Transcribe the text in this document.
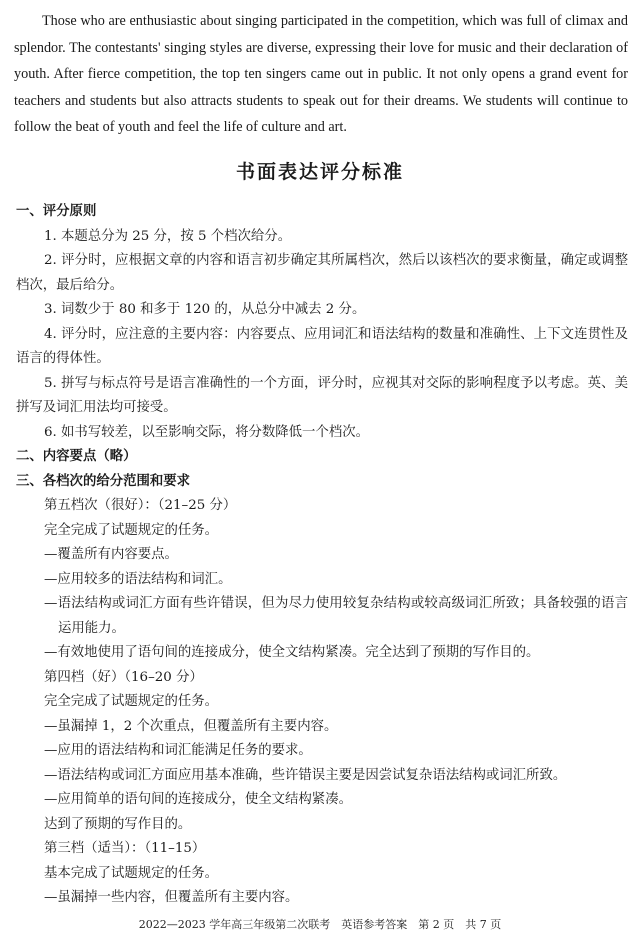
Those who are enthusiastic about singing participated in the competition, which was full of climax and splendor. The contestants' singing styles are diverse, expressing their love for music and their declaration of youth. After fierce competition, the top ten singers came out in public. It not only opens a grand event for teachers and students but also attracts students to speak out for their dreams. We students will continue to follow the beat of youth and feel the life of culture and art.

书面表达评分标准
一、评分原则
1. 本题总分为 25 分，按 5 个档次给分。
2. 评分时，应根据文章的内容和语言初步确定其所属档次，然后以该档次的要求衡量，确定或调整档次，最后给分。
3. 词数少于 80 和多于 120 的，从总分中减去 2 分。
4. 评分时，应注意的主要内容：内容要点、应用词汇和语法结构的数量和准确性、上下文连贯性及语言的得体性。
5. 拼写与标点符号是语言准确性的一个方面，评分时，应视其对交际的影响程度予以考虑。英、美拼写及词汇用法均可接受。
6. 如书写较差，以至影响交际，将分数降低一个档次。
二、内容要点（略）
三、各档次的给分范围和要求
第五档次（很好）：（21–25 分）
完全完成了试题规定的任务。
—覆盖所有内容要点。
—应用较多的语法结构和词汇。
—语法结构或词汇方面有些许错误，但为尽力使用较复杂结构或较高级词汇所致；具备较强的语言运用能力。
—有效地使用了语句间的连接成分，使全文结构紧凑。完全达到了预期的写作目的。
第四档（好）（16–20 分）
完全完成了试题规定的任务。
—虽漏掉 1，2 个次重点，但覆盖所有主要内容。
—应用的语法结构和词汇能满足任务的要求。
—语法结构或词汇方面应用基本准确，些许错误主要是因尝试复杂语法结构或词汇所致。
—应用简单的语句间的连接成分，使全文结构紧凑。
达到了预期的写作目的。
第三档（适当）：（11–15）
基本完成了试题规定的任务。
—虽漏掉一些内容，但覆盖所有主要内容。
2022—2023 学年高三年级第二次联考　英语参考答案　第 2 页　共 7 页
